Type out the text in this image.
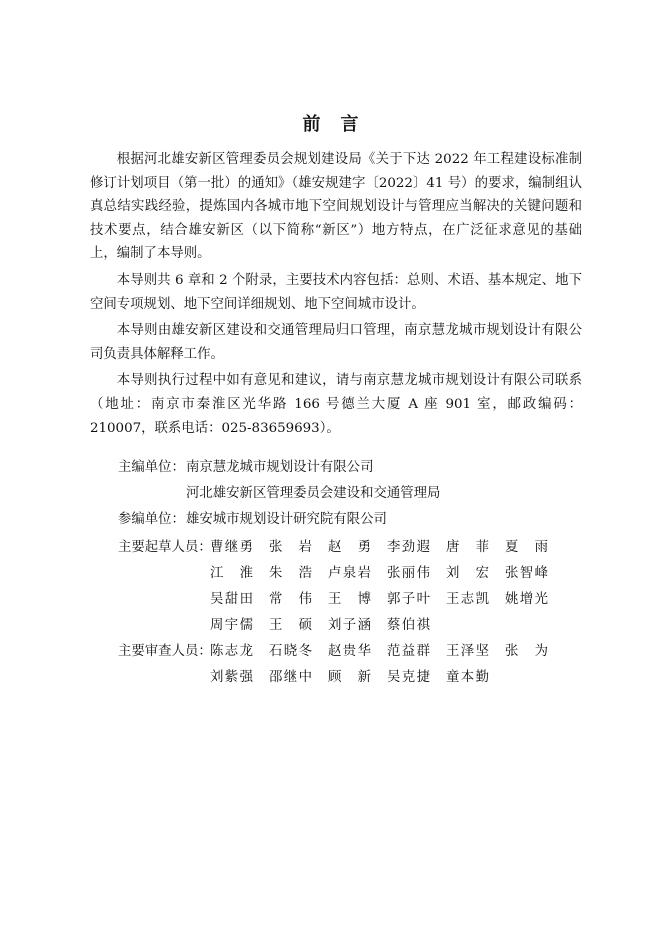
前　言

根据河北雄安新区管理委员会规划建设局《关于下达 2022 年工程建设标准制修订计划项目（第一批）的通知》（雄安规建字〔2022〕41 号）的要求，编制组认真总结实践经验，提炼国内各城市地下空间规划设计与管理应当解决的关键问题和技术要点，结合雄安新区（以下简称“新区”）地方特点，在广泛征求意见的基础上，编制了本导则。

本导则共 6 章和 2 个附录，主要技术内容包括：总则、术语、基本规定、地下空间专项规划、地下空间详细规划、地下空间城市设计。

本导则由雄安新区建设和交通管理局归口管理，南京慧龙城市规划设计有限公司负责具体解释工作。

本导则执行过程中如有意见和建议，请与南京慧龙城市规划设计有限公司联系（地址：南京市秦淮区光华路 166 号德兰大厦 A 座 901 室，邮政编码：210007，联系电话：025-83659693）。

主编单位：南京慧龙城市规划设计有限公司
河北雄安新区管理委员会建设和交通管理局
参编单位：雄安城市规划设计研究院有限公司
主要起草人员：
曹继勇 张岩 赵勇 李劲遐 唐菲 夏雨
江淮 朱浩 卢泉岩 张丽伟 刘宏 张智峰
吴甜田 常伟 王博 郭子叶 王志凯 姚增光
周宇儒 王硕 刘子涵 蔡伯祺
主要审查人员：
陈志龙 石晓冬 赵贵华 范益群 王泽坚 张为
刘紫强 邵继中 顾新 吴克捷 童本勤
